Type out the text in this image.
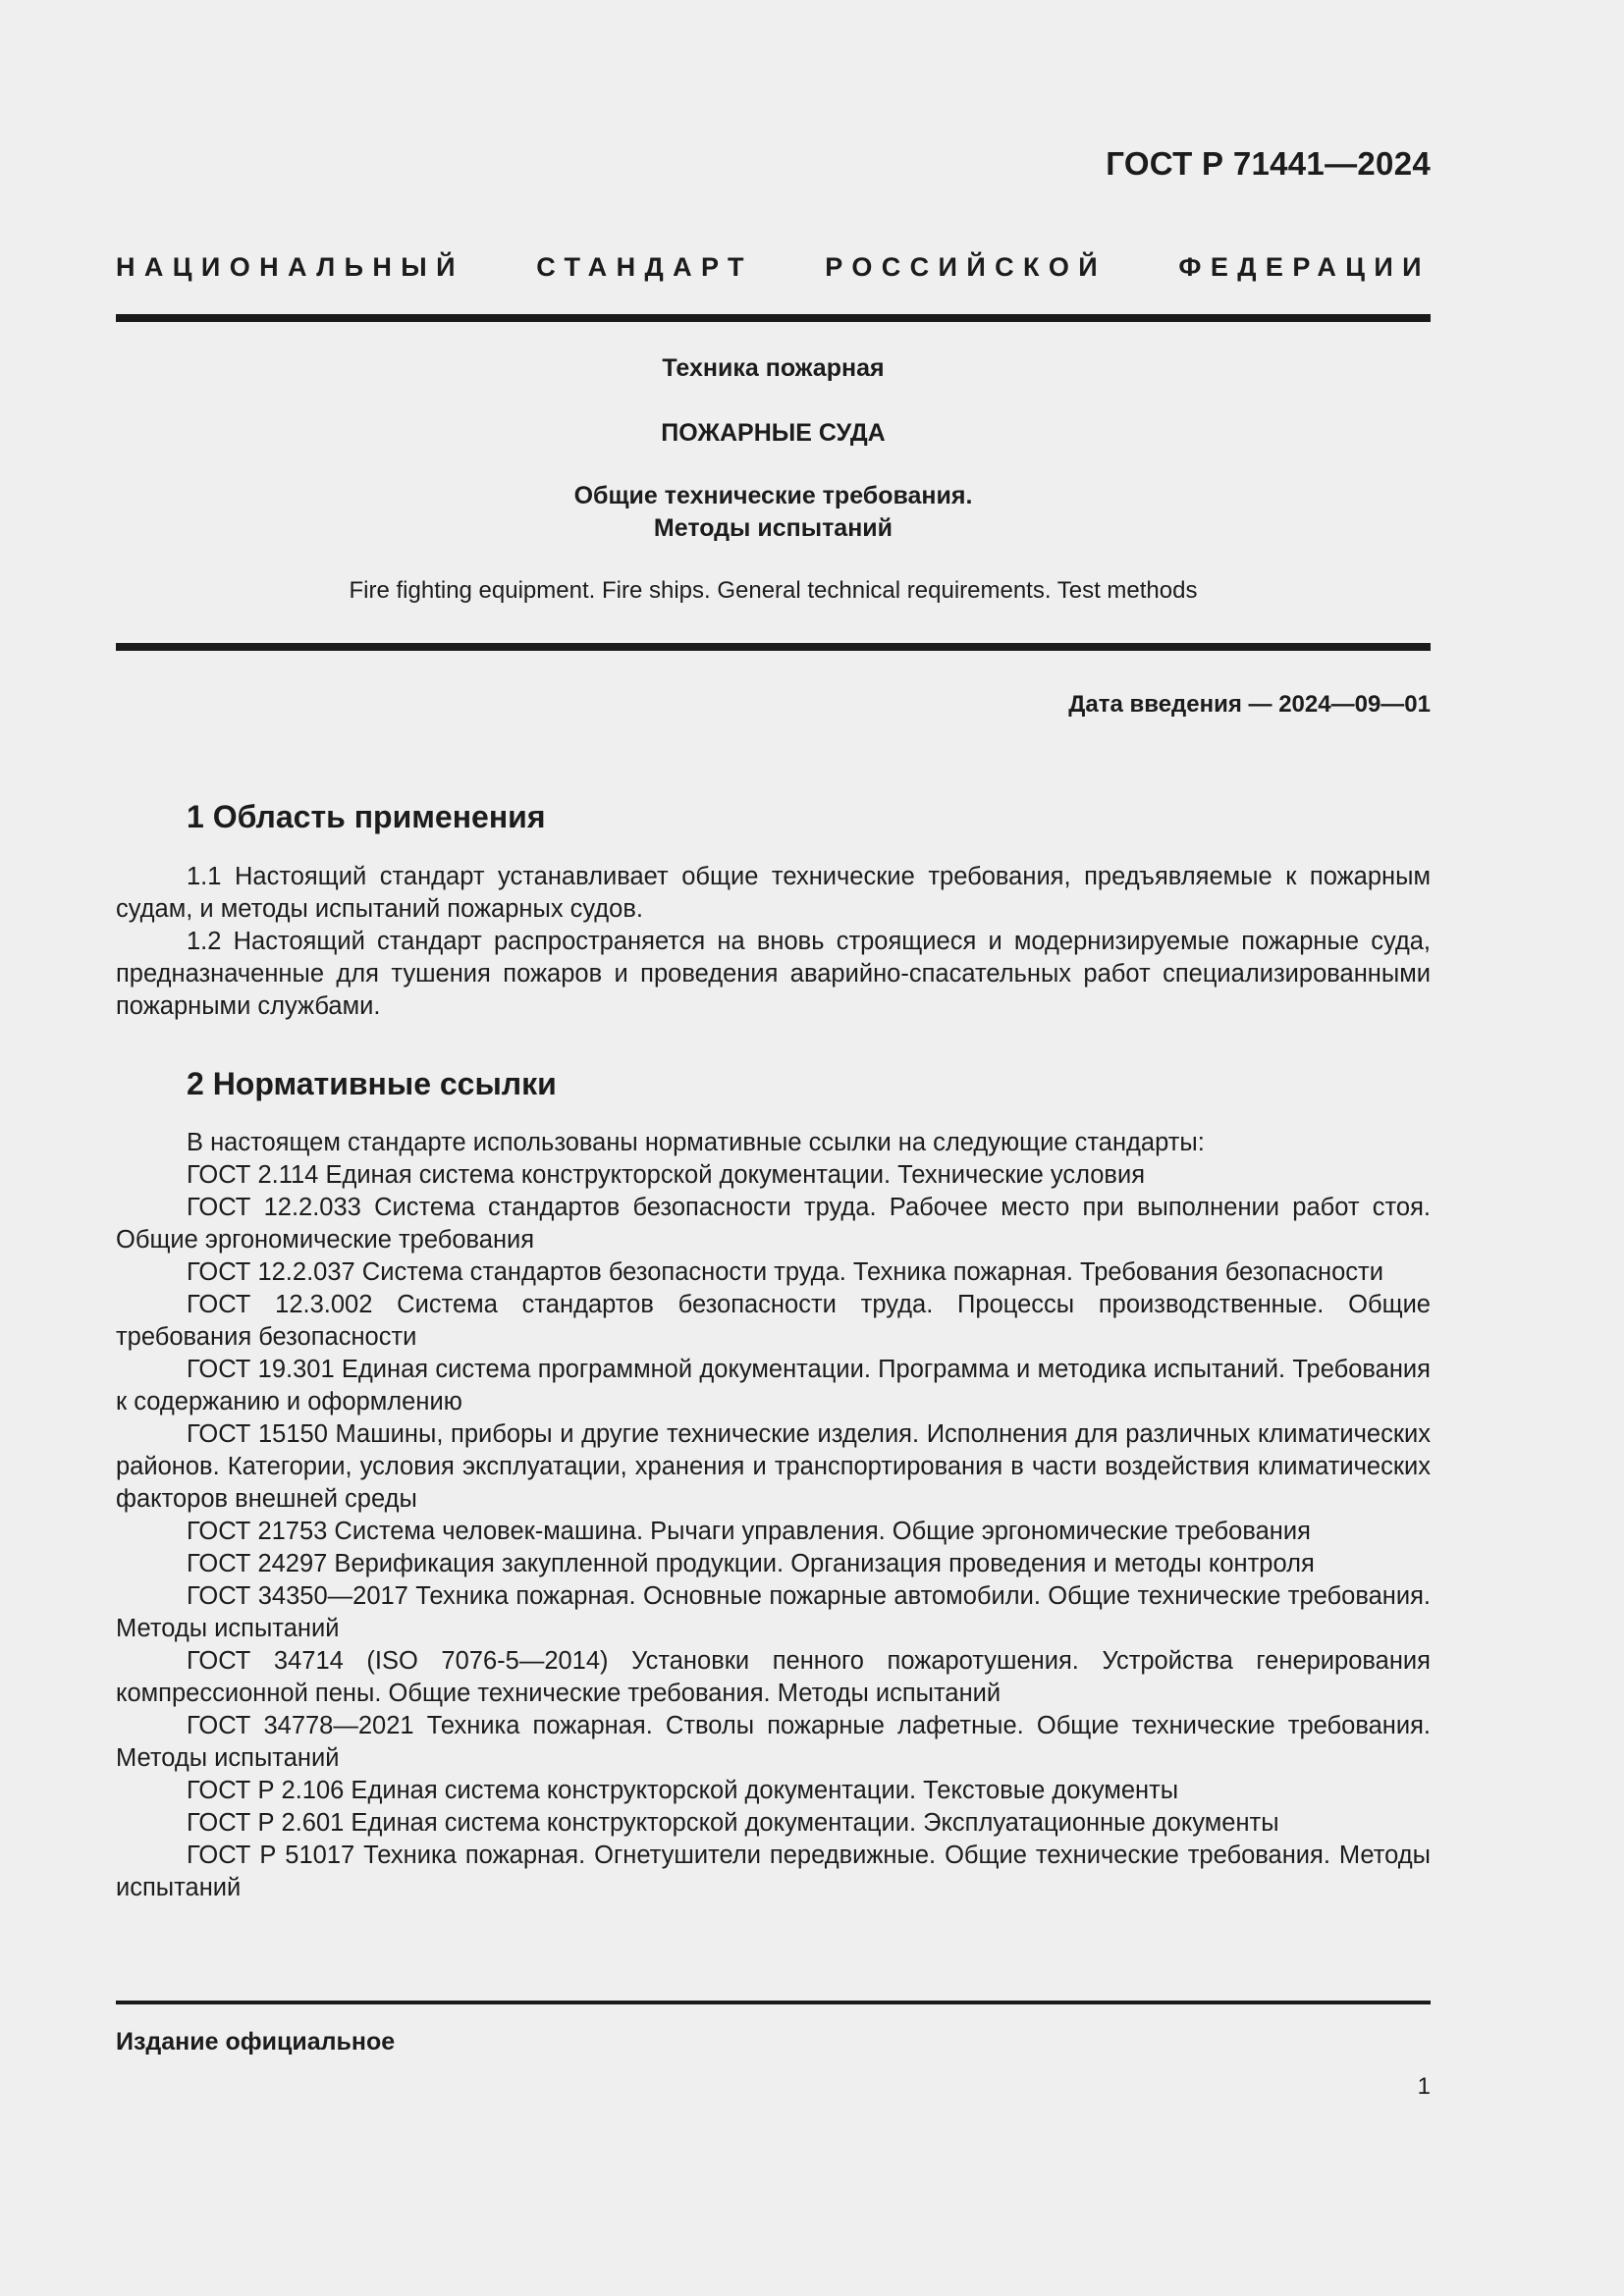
ГОСТ Р 71441—2024
НАЦИОНАЛЬНЫЙ СТАНДАРТ РОССИЙСКОЙ ФЕДЕРАЦИИ
Техника пожарная
ПОЖАРНЫЕ СУДА
Общие технические требования.
Методы испытаний
Fire fighting equipment. Fire ships. General technical requirements. Test methods
Дата введения — 2024—09—01
1 Область применения

1.1 Настоящий стандарт устанавливает общие технические требования, предъявляемые к пожарным судам, и методы испытаний пожарных судов.

1.2 Настоящий стандарт распространяется на вновь строящиеся и модернизируемые пожарные суда, предназначенные для тушения пожаров и проведения аварийно-спасательных работ специализированными пожарными службами.

2 Нормативные ссылки

В настоящем стандарте использованы нормативные ссылки на следующие стандарты:

ГОСТ 2.114 Единая система конструкторской документации. Технические условия

ГОСТ 12.2.033 Система стандартов безопасности труда. Рабочее место при выполнении работ стоя. Общие эргономические требования

ГОСТ 12.2.037 Система стандартов безопасности труда. Техника пожарная. Требования безопасности

ГОСТ 12.3.002 Система стандартов безопасности труда. Процессы производственные. Общие требования безопасности

ГОСТ 19.301 Единая система программной документации. Программа и методика испытаний. Требования к содержанию и оформлению

ГОСТ 15150 Машины, приборы и другие технические изделия. Исполнения для различных климатических районов. Категории, условия эксплуатации, хранения и транспортирования в части воздействия климатических факторов внешней среды

ГОСТ 21753 Система человек-машина. Рычаги управления. Общие эргономические требования

ГОСТ 24297 Верификация закупленной продукции. Организация проведения и методы контроля

ГОСТ 34350—2017 Техника пожарная. Основные пожарные автомобили. Общие технические требования. Методы испытаний

ГОСТ 34714 (ISO 7076-5—2014) Установки пенного пожаротушения. Устройства генерирования компрессионной пены. Общие технические требования. Методы испытаний

ГОСТ 34778—2021 Техника пожарная. Стволы пожарные лафетные. Общие технические требования. Методы испытаний

ГОСТ Р 2.106 Единая система конструкторской документации. Текстовые документы

ГОСТ Р 2.601 Единая система конструкторской документации. Эксплуатационные документы

ГОСТ Р 51017 Техника пожарная. Огнетушители передвижные. Общие технические требования. Методы испытаний

Издание официальное
1
